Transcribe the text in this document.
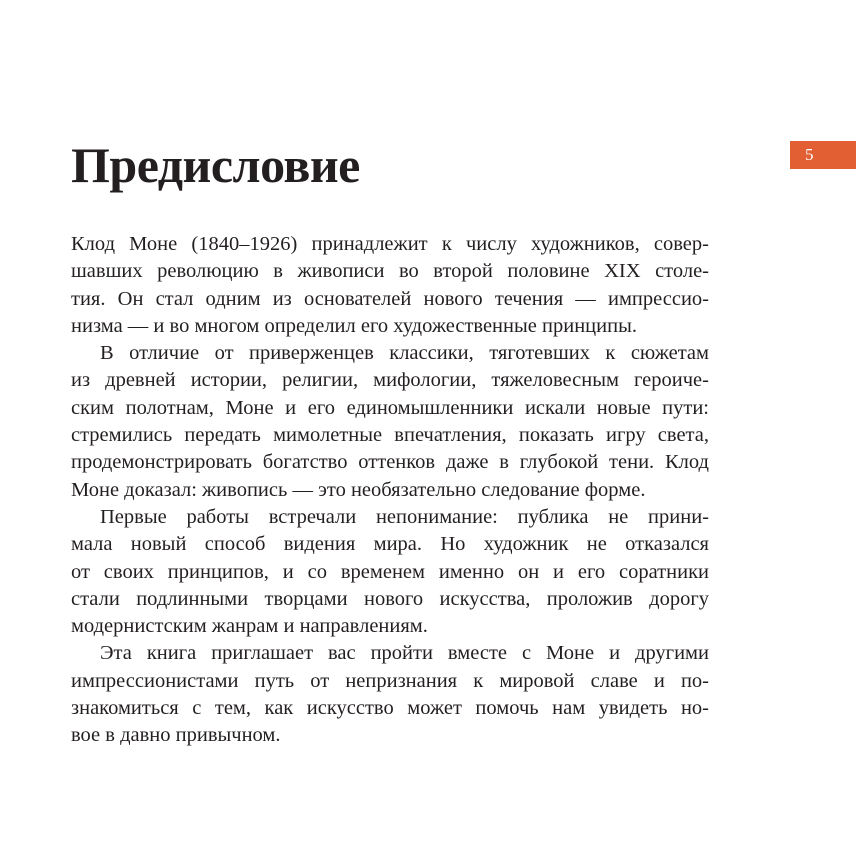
5
Предисловие
Клод Моне (1840–1926) принадлежит к числу художников, совер-
шавших революцию в живописи во второй половине XIX столе-
тия. Он стал одним из основателей нового течения — импрессио-
низма — и во многом определил его художественные принципы.
В отличие от приверженцев классики, тяготевших к сюжетам
из древней истории, религии, мифологии, тяжеловесным героиче-
ским полотнам, Моне и его единомышленники искали новые пути:
стремились передать мимолетные впечатления, показать игру света,
продемонстрировать богатство оттенков даже в глубокой тени. Клод
Моне доказал: живопись — это необязательно следование форме.
Первые работы встречали непонимание: публика не прини-
мала новый способ видения мира. Но художник не отказался
от своих принципов, и со временем именно он и его соратники
стали подлинными творцами нового искусства, проложив дорогу
модернистским жанрам и направлениям.
Эта книга приглашает вас пройти вместе с Моне и другими
импрессионистами путь от непризнания к мировой славе и по-
знакомиться с тем, как искусство может помочь нам увидеть но-
вое в давно привычном.
